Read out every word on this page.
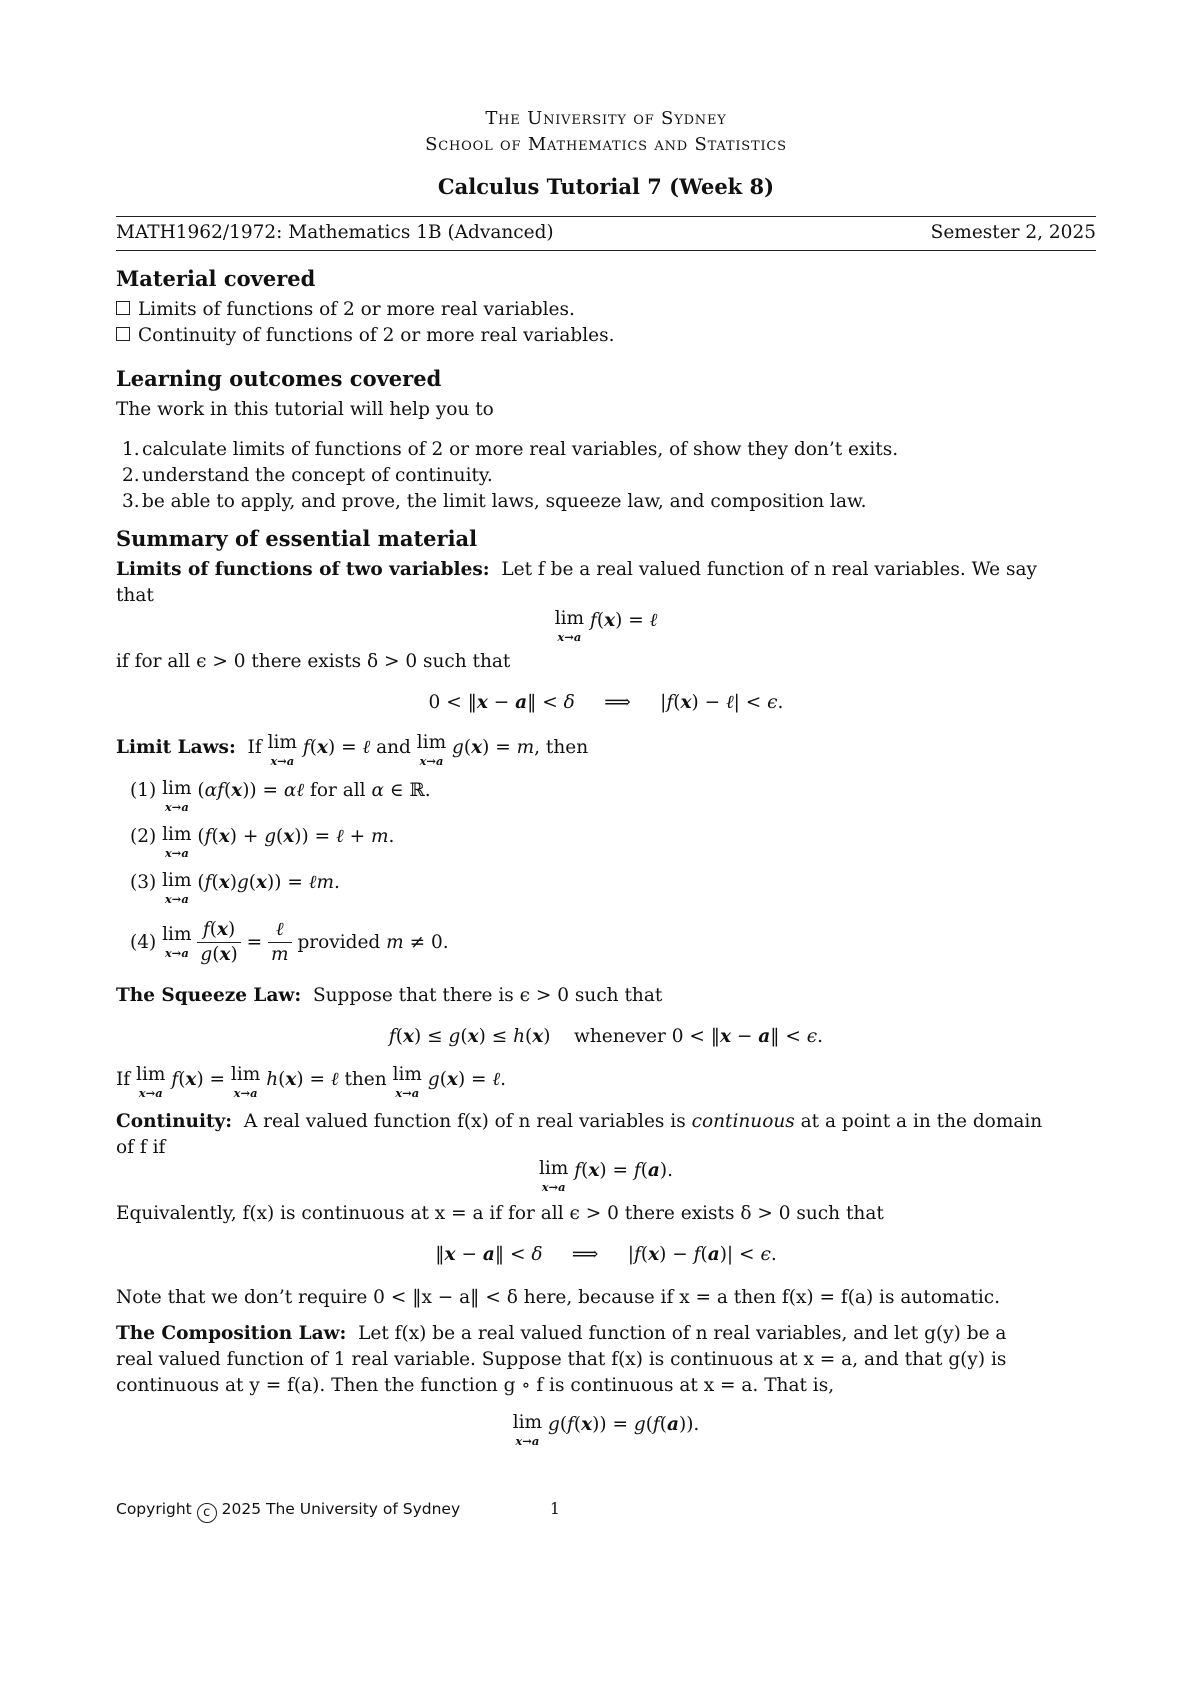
The University of Sydney
School of Mathematics and Statistics
Calculus Tutorial 7 (Week 8)
MATH1962/1972: Mathematics 1B (Advanced)	Semester 2, 2025
Material covered
Limits of functions of 2 or more real variables.
Continuity of functions of 2 or more real variables.
Learning outcomes covered
The work in this tutorial will help you to
1. calculate limits of functions of 2 or more real variables, of show they don’t exits.
2. understand the concept of continuity.
3. be able to apply, and prove, the limit laws, squeeze law, and composition law.
Summary of essential material
Limits of functions of two variables: Let f be a real valued function of n real variables. We say
that
lim
x→a
f(x) = ℓ
if for all ϵ > 0 there exists δ > 0 such that
0 < ‖x − a‖ < δ     ⟹     |f(x) − ℓ| < ϵ.
Limit Laws:  If lim
x→a
f(x) = ℓ and lim
x→a
g(x) = m, then
(1) lim
x→a
(αf(x)) = αℓ for all α ∈ ℝ.
(2) lim
x→a
(f(x) + g(x)) = ℓ + m.
(3) lim
x→a
(f(x)g(x)) = ℓm.
(4) lim
x→a
$\frac{f(x)}{g(x)} = \frac{\text{ℓ}}{m}$ provided m ≠ 0.
The Squeeze Law: Suppose that there is ϵ > 0 such that
f(x) ≤ g(x) ≤ h(x)    whenever 0 < ‖x − a‖ < ϵ.
If lim
x→a
f(x) = lim
x→a
h(x) = ℓ then lim
x→a
g(x) = ℓ.
Continuity: A real valued function f(x) of n real variables is continuous at a point a in the domain
of f if
lim
x→a
f(x) = f(a).
Equivalently, f(x) is continuous at x = a if for all ϵ > 0 there exists δ > 0 such that
‖x − a‖ < δ     ⟹     |f(x) − f(a)| < ϵ.
Note that we don’t require 0 < ‖x − a‖ < δ here, because if x = a then f(x) = f(a) is automatic.
The Composition Law: Let f(x) be a real valued function of n real variables, and let g(y) be a
real valued function of 1 real variable. Suppose that f(x) is continuous at x = a, and that g(y) is
continuous at y = f(a). Then the function g ∘ f is continuous at x = a. That is,
lim
x→a
g(f(x)) = g(f(a)).
Copyright c 2025 The University of Sydney	1
